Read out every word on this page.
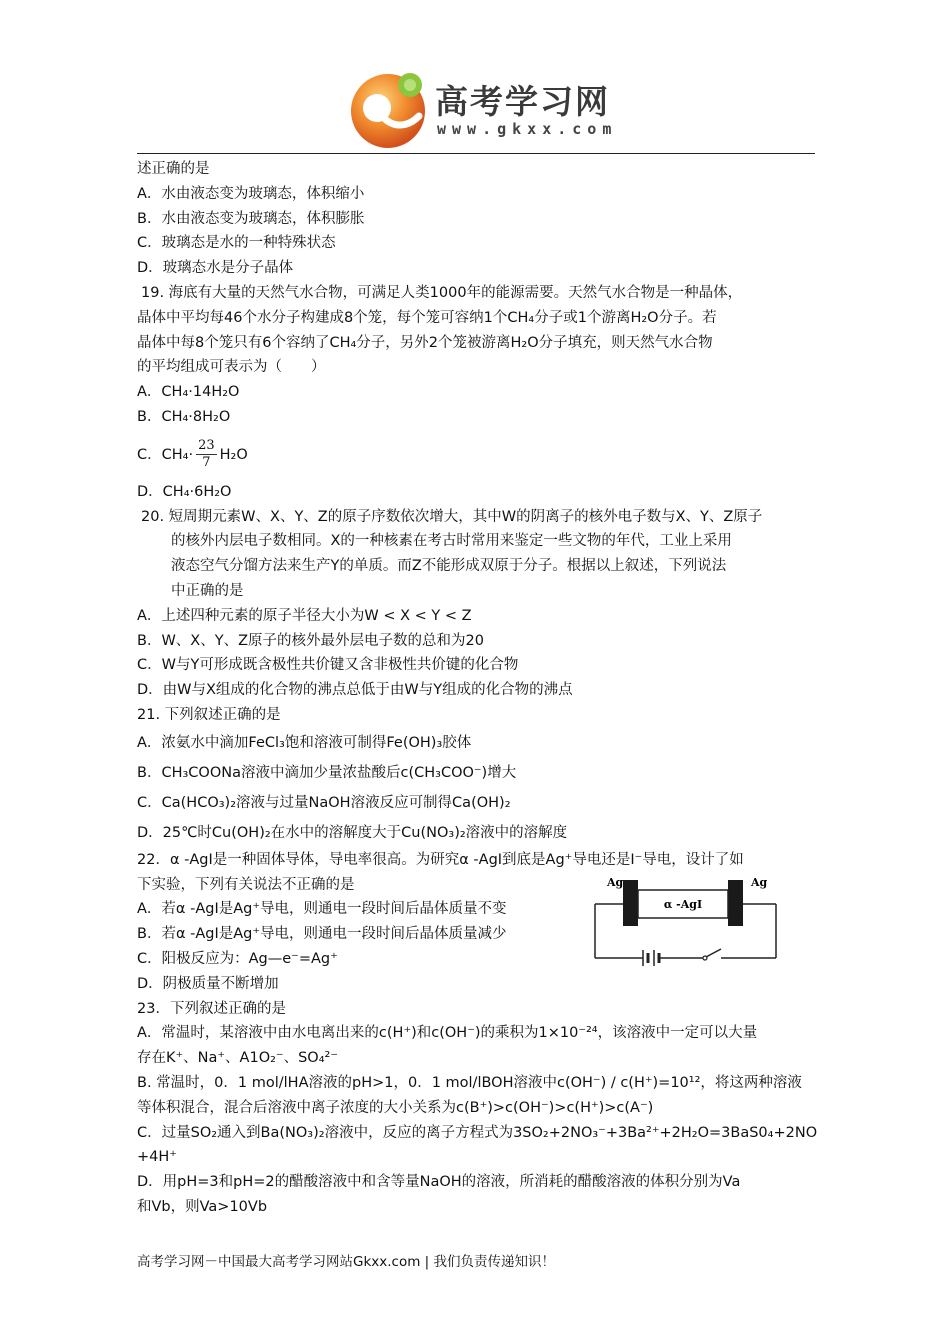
高考学习网
www.gkxx.com
述正确的是
A．水由液态变为玻璃态，体积缩小
B．水由液态变为玻璃态，体积膨胀
C．玻璃态是水的一种特殊状态
D．玻璃态水是分子晶体
19. 海底有大量的天然气水合物，可满足人类1000年的能源需要。天然气水合物是一种晶体，
晶体中平均每46个水分子构建成8个笼，每个笼可容纳1个CH₄分子或1个游离H₂O分子。若
晶体中每8个笼只有6个容纳了CH₄分子，另外2个笼被游离H₂O分子填充，则天然气水合物
的平均组成可表示为（　　）
A．CH₄·14H₂O
B．CH₄·8H₂O
C．$CH_4\cdot \frac{23}{7} H_2O$
D．CH₄·6H₂O
20. 短周期元素W、X、Y、Z的原子序数依次增大，其中W的阴离子的核外电子数与X、Y、Z原子
的核外内层电子数相同。X的一种核素在考古时常用来鉴定一些文物的年代，工业上采用
液态空气分馏方法来生产Y的单质。而Z不能形成双原于分子。根据以上叙述，下列说法
中正确的是
A．上述四种元素的原子半径大小为W < X < Y < Z
B．W、X、Y、Z原子的核外最外层电子数的总和为20
C．W与Y可形成既含极性共价键又含非极性共价键的化合物
D．由W与X组成的化合物的沸点总低于由W与Y组成的化合物的沸点
21. 下列叙述正确的是
A．浓氨水中滴加FeCl₃饱和溶液可制得Fe(OH)₃胶体
B．CH₃COONa溶液中滴加少量浓盐酸后c(CH₃COO⁻)增大
C．Ca(HCO₃)₂溶液与过量NaOH溶液反应可制得Ca(OH)₂
D．25℃时Cu(OH)₂在水中的溶解度大于Cu(NO₃)₂溶液中的溶解度
22．α -AgI是一种固体导体，导电率很高。为研究α -AgI到底是Ag⁺导电还是I⁻导电，设计了如
下实验，下列有关说法不正确的是
A．若α -AgI是Ag⁺导电，则通电一段时间后晶体质量不变
B．若α -AgI是Ag⁺导电，则通电一段时间后晶体质量减少
C．阳极反应为：Ag—e⁻=Ag⁺
D．阴极质量不断增加
23．下列叙述正确的是
A．常温时，某溶液中由水电离出来的c(H⁺)和c(OH⁻)的乘积为1×10⁻²⁴，该溶液中一定可以大量
存在K⁺、Na⁺、A1O₂⁻、SO₄²⁻
B. 常温时，0．1 mol/lHA溶液的pH>1，0．1 mol/lBOH溶液中c(OH⁻) / c(H⁺)=10¹²，将这两种溶液
等体积混合，混合后溶液中离子浓度的大小关系为c(B⁺)>c(OH⁻)>c(H⁺)>c(A⁻)
C．过量SO₂通入到Ba(NO₃)₂溶液中，反应的离子方程式为3SO₂+2NO₃⁻+3Ba²⁺+2H₂O=3BaS0₄+2NO
+4H⁺
D．用pH=3和pH=2的醋酸溶液中和含等量NaOH的溶液，所消耗的醋酸溶液的体积分别为Va
和Vb，则Va>10Vb
Ag	Ag
α -AgI
高考学习网－中国最大高考学习网站Gkxx.com | 我们负责传递知识！
